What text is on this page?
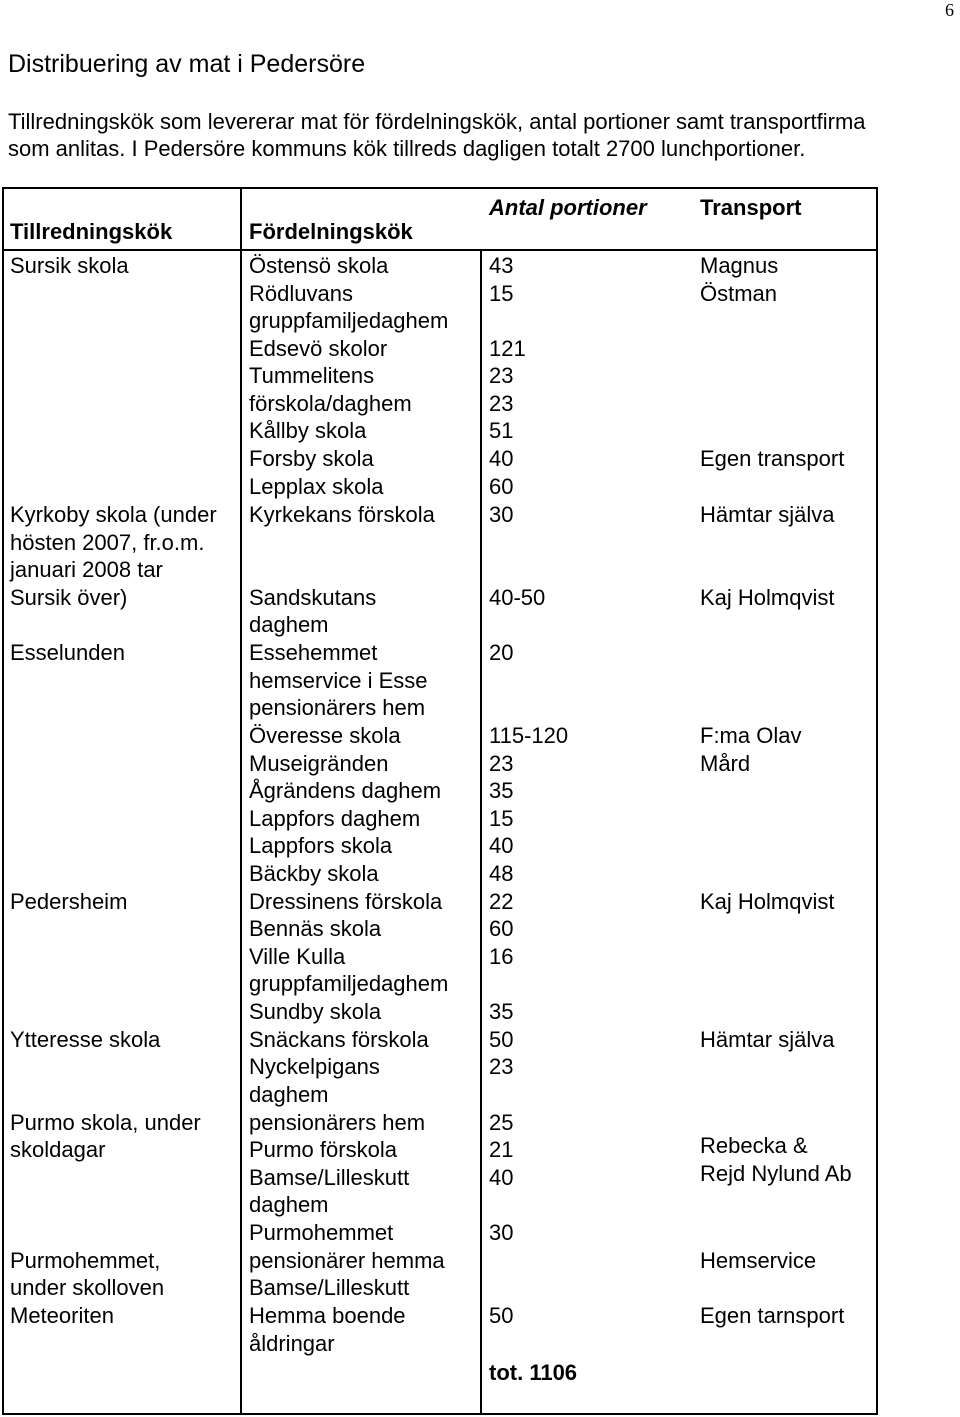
6
Distribuering av mat i Pedersöre
Tillredningskök som levererar mat för fördelningskök, antal portioner samt transportfirma som anlitas. I Pedersöre kommuns kök tillreds dagligen totalt 2700 lunchportioner.
Tillredningskök	Fördelningskök
Antal portioner Transport
Sursik skola
Kyrkoby skola (under
hösten 2007, fr.o.m.
januari 2008 tar
Sursik över)
Esselunden
Pedersheim
Ytteresse skola
Purmo skola, under
skoldagar
Purmohemmet,
under skolloven
Meteoriten
Östensö skola
Rödluvans
gruppfamiljedaghem
Edsevö skolor
Tummelitens
förskola/daghem
Kållby skola
Forsby skola
Lepplax skola
Kyrkekans förskola
Sandskutans
daghem
Essehemmet
hemservice i Esse
pensionärers hem
Överesse skola
Museigränden
Ågrändens daghem
Lappfors daghem
Lappfors skola
Bäckby skola
Dressinens förskola
Bennäs skola
Ville Kulla
gruppfamiljedaghem
Sundby skola
Snäckans förskola
Nyckelpigans
daghem
pensionärers hem
Purmo förskola
Bamse/Lilleskutt
daghem
Purmohemmet
pensionärer hemma
Bamse/Lilleskutt
Hemma boende
åldringar
43
15
121
23
23
51
40
60
30
40-50
20
115-120
23
35
15
40
48
22
60
16
35
50
23
25
21
40
30
50
tot. 1106
Magnus
Östman
Egen transport
Hämtar själva
Kaj Holmqvist
F:ma Olav
Mård
Kaj Holmqvist
Hämtar själva
Rebecka &
Rejd Nylund Ab
Hemservice
Egen tarnsport
